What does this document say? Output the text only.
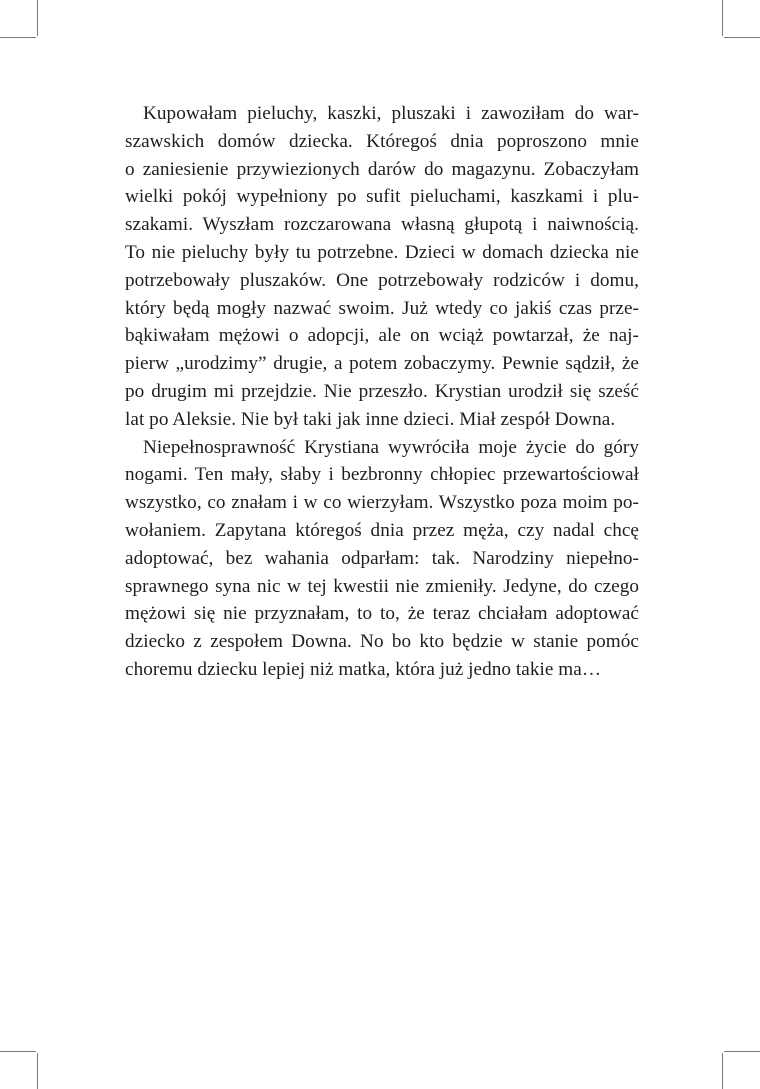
Kupowałam pieluchy, kaszki, pluszaki i zawoziłam do war-
szawskich domów dziecka. Któregoś dnia poproszono mnie
o zaniesienie przywiezionych darów do magazynu. Zobaczyłam
wielki pokój wypełniony po sufit pieluchami, kaszkami i plu-
szakami. Wyszłam rozczarowana własną głupotą i naiwnością.
To nie pieluchy były tu potrzebne. Dzieci w domach dziecka nie
potrzebowały pluszaków. One potrzebowały rodziców i domu,
który będą mogły nazwać swoim. Już wtedy co jakiś czas prze-
bąkiwałam mężowi o adopcji, ale on wciąż powtarzał, że naj-
pierw „urodzimy” drugie, a potem zobaczymy. Pewnie sądził, że
po drugim mi przejdzie. Nie przeszło. Krystian urodził się sześć
lat po Aleksie. Nie był taki jak inne dzieci. Miał zespół Downa.
Niepełnosprawność Krystiana wywróciła moje życie do góry
nogami. Ten mały, słaby i bezbronny chłopiec przewartościował
wszystko, co znałam i w co wierzyłam. Wszystko poza moim po-
wołaniem. Zapytana któregoś dnia przez męża, czy nadal chcę
adoptować, bez wahania odparłam: tak. Narodziny niepełno-
sprawnego syna nic w tej kwestii nie zmieniły. Jedyne, do czego
mężowi się nie przyznałam, to to, że teraz chciałam adoptować
dziecko z zespołem Downa. No bo kto będzie w stanie pomóc
choremu dziecku lepiej niż matka, która już jedno takie ma…
